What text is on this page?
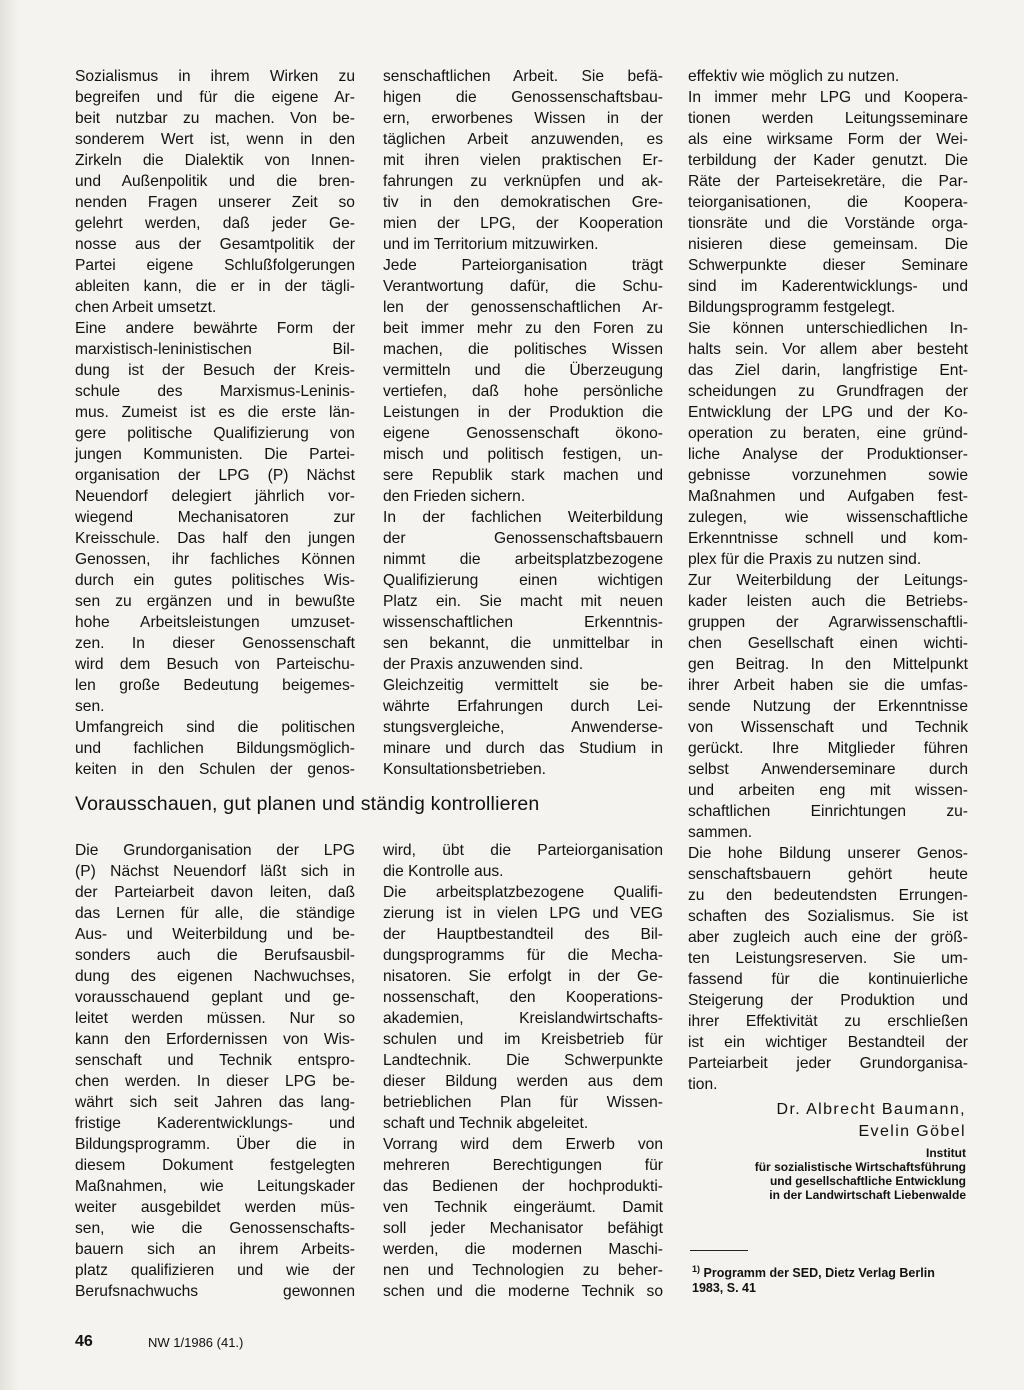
Sozialismus in ihrem Wirken zu
begreifen und für die eigene Ar-
beit nutzbar zu machen. Von be-
sonderem Wert ist, wenn in den
Zirkeln die Dialektik von Innen-
und Außenpolitik und die bren-
nenden Fragen unserer Zeit so
gelehrt werden, daß jeder Ge-
nosse aus der Gesamtpolitik der
Partei eigene Schlußfolgerungen
ableiten kann, die er in der tägli-
chen Arbeit umsetzt.
Eine andere bewährte Form der
marxistisch-leninistischen Bil-
dung ist der Besuch der Kreis-
schule des Marxismus-Leninis-
mus. Zumeist ist es die erste län-
gere politische Qualifizierung von
jungen Kommunisten. Die Partei-
organisation der LPG (P) Nächst
Neuendorf delegiert jährlich vor-
wiegend Mechanisatoren zur
Kreisschule. Das half den jungen
Genossen, ihr fachliches Können
durch ein gutes politisches Wis-
sen zu ergänzen und in bewußte
hohe Arbeitsleistungen umzuset-
zen. In dieser Genossenschaft
wird dem Besuch von Parteischu-
len große Bedeutung beigemes-
sen.
Umfangreich sind die politischen
und fachlichen Bildungsmöglich-
keiten in den Schulen der genos-
senschaftlichen Arbeit. Sie befä-
higen die Genossenschaftsbau-
ern, erworbenes Wissen in der
täglichen Arbeit anzuwenden, es
mit ihren vielen praktischen Er-
fahrungen zu verknüpfen und ak-
tiv in den demokratischen Gre-
mien der LPG, der Kooperation
und im Territorium mitzuwirken.
Jede Parteiorganisation trägt
Verantwortung dafür, die Schu-
len der genossenschaftlichen Ar-
beit immer mehr zu den Foren zu
machen, die politisches Wissen
vermitteln und die Überzeugung
vertiefen, daß hohe persönliche
Leistungen in der Produktion die
eigene Genossenschaft ökono-
misch und politisch festigen, un-
sere Republik stark machen und
den Frieden sichern.
In der fachlichen Weiterbildung
der Genossenschaftsbauern
nimmt die arbeitsplatzbezogene
Qualifizierung einen wichtigen
Platz ein. Sie macht mit neuen
wissenschaftlichen Erkenntnis-
sen bekannt, die unmittelbar in
der Praxis anzuwenden sind.
Gleichzeitig vermittelt sie be-
währte Erfahrungen durch Lei-
stungsvergleiche, Anwenderse-
minare und durch das Studium in
Konsultationsbetrieben.
effektiv wie möglich zu nutzen.
In immer mehr LPG und Koopera-
tionen werden Leitungsseminare
als eine wirksame Form der Wei-
terbildung der Kader genutzt. Die
Räte der Parteisekretäre, die Par-
teiorganisationen, die Koopera-
tionsräte und die Vorstände orga-
nisieren diese gemeinsam. Die
Schwerpunkte dieser Seminare
sind im Kaderentwicklungs- und
Bildungsprogramm festgelegt.
Sie können unterschiedlichen In-
halts sein. Vor allem aber besteht
das Ziel darin, langfristige Ent-
scheidungen zu Grundfragen der
Entwicklung der LPG und der Ko-
operation zu beraten, eine gründ-
liche Analyse der Produktionser-
gebnisse vorzunehmen sowie
Maßnahmen und Aufgaben fest-
zulegen, wie wissenschaftliche
Erkenntnisse schnell und kom-
plex für die Praxis zu nutzen sind.
Zur Weiterbildung der Leitungs-
kader leisten auch die Betriebs-
gruppen der Agrarwissenschaftli-
chen Gesellschaft einen wichti-
gen Beitrag. In den Mittelpunkt
ihrer Arbeit haben sie die umfas-
sende Nutzung der Erkenntnisse
von Wissenschaft und Technik
gerückt. Ihre Mitglieder führen
selbst Anwenderseminare durch
und arbeiten eng mit wissen-
schaftlichen Einrichtungen zu-
sammen.
Die hohe Bildung unserer Genos-
senschaftsbauern gehört heute
zu den bedeutendsten Errungen-
schaften des Sozialismus. Sie ist
aber zugleich auch eine der größ-
ten Leistungsreserven. Sie um-
fassend für die kontinuierliche
Steigerung der Produktion und
ihrer Effektivität zu erschließen
ist ein wichtiger Bestandteil der
Parteiarbeit jeder Grundorganisa-
tion.
Vorausschauen, gut planen und ständig kontrollieren
Die Grundorganisation der LPG
(P) Nächst Neuendorf läßt sich in
der Parteiarbeit davon leiten, daß
das Lernen für alle, die ständige
Aus- und Weiterbildung und be-
sonders auch die Berufsausbil-
dung des eigenen Nachwuchses,
vorausschauend geplant und ge-
leitet werden müssen. Nur so
kann den Erfordernissen von Wis-
senschaft und Technik entspro-
chen werden. In dieser LPG be-
währt sich seit Jahren das lang-
fristige Kaderentwicklungs- und
Bildungsprogramm. Über die in
diesem Dokument festgelegten
Maßnahmen, wie Leitungskader
weiter ausgebildet werden müs-
sen, wie die Genossenschafts-
bauern sich an ihrem Arbeits-
platz qualifizieren und wie der
Berufsnachwuchs gewonnen
wird, übt die Parteiorganisation
die Kontrolle aus.
Die arbeitsplatzbezogene Qualifi-
zierung ist in vielen LPG und VEG
der Hauptbestandteil des Bil-
dungsprogramms für die Mecha-
nisatoren. Sie erfolgt in der Ge-
nossenschaft, den Kooperations-
akademien, Kreislandwirtschafts-
schulen und im Kreisbetrieb für
Landtechnik. Die Schwerpunkte
dieser Bildung werden aus dem
betrieblichen Plan für Wissen-
schaft und Technik abgeleitet.
Vorrang wird dem Erwerb von
mehreren Berechtigungen für
das Bedienen der hochprodukti-
ven Technik eingeräumt. Damit
soll jeder Mechanisator befähigt
werden, die modernen Maschi-
nen und Technologien zu beher-
schen und die moderne Technik so
Dr. Albrecht Baumann,
Evelin Göbel
Institut
für sozialistische Wirtschaftsführung
und gesellschaftliche Entwicklung
in der Landwirtschaft Liebenwalde
$^{1)}$ Programm der SED, Dietz Verlag Berlin
1983, S. 41
46	NW 1/1986 (41.)
